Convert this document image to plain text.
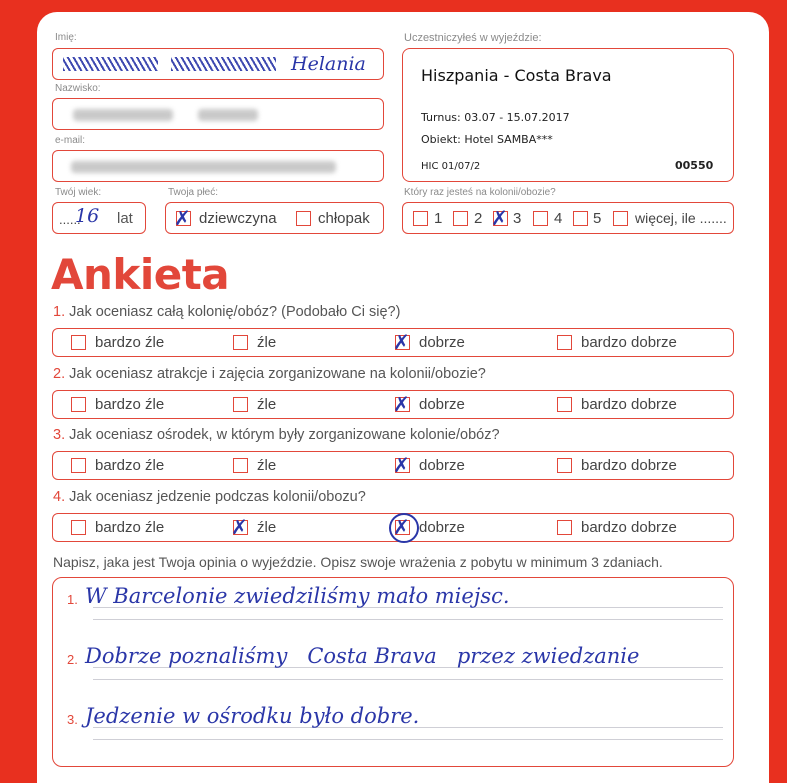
Imię:
Helania
Nazwisko:
e-mail:
Twój wiek:
......
16 lat
Twoja płeć:
✗ dziewczyna	chłopak
Uczestniczyłeś w wyjeździe:
Hiszpania - Costa Brava
Turnus: 03.07 - 15.07.2017
Obiekt: Hotel SAMBA***
HIC 01/07/2	00550
Który raz jesteś na kolonii/obozie?
1 2 ✗ 3 4 5 więcej, ile .......
Ankieta
1. Jak oceniasz całą kolonię/obóz? (Podobało Ci się?)
bardzo źle	źle	✗ dobrze	bardzo dobrze
2. Jak oceniasz atrakcje i zajęcia zorganizowane na kolonii/obozie?
bardzo źle	źle	✗ dobrze	bardzo dobrze
3. Jak oceniasz ośrodek, w którym były zorganizowane kolonie/obóz?
bardzo źle	źle	✗ dobrze	bardzo dobrze
4. Jak oceniasz jedzenie podczas kolonii/obozu?
bardzo źle	✗ źle	✗ dobrze	bardzo dobrze
Napisz, jaka jest Twoja opinia o wyjeździe. Opisz swoje wrażenia z pobytu w minimum 3 zdaniach.
1. W Barcelonie zwiedziliśmy mało miejsc.
2. Dobrze poznaliśmy   Costa Brava   przez zwiedzanie
3. Jedzenie w ośrodku było dobre.
